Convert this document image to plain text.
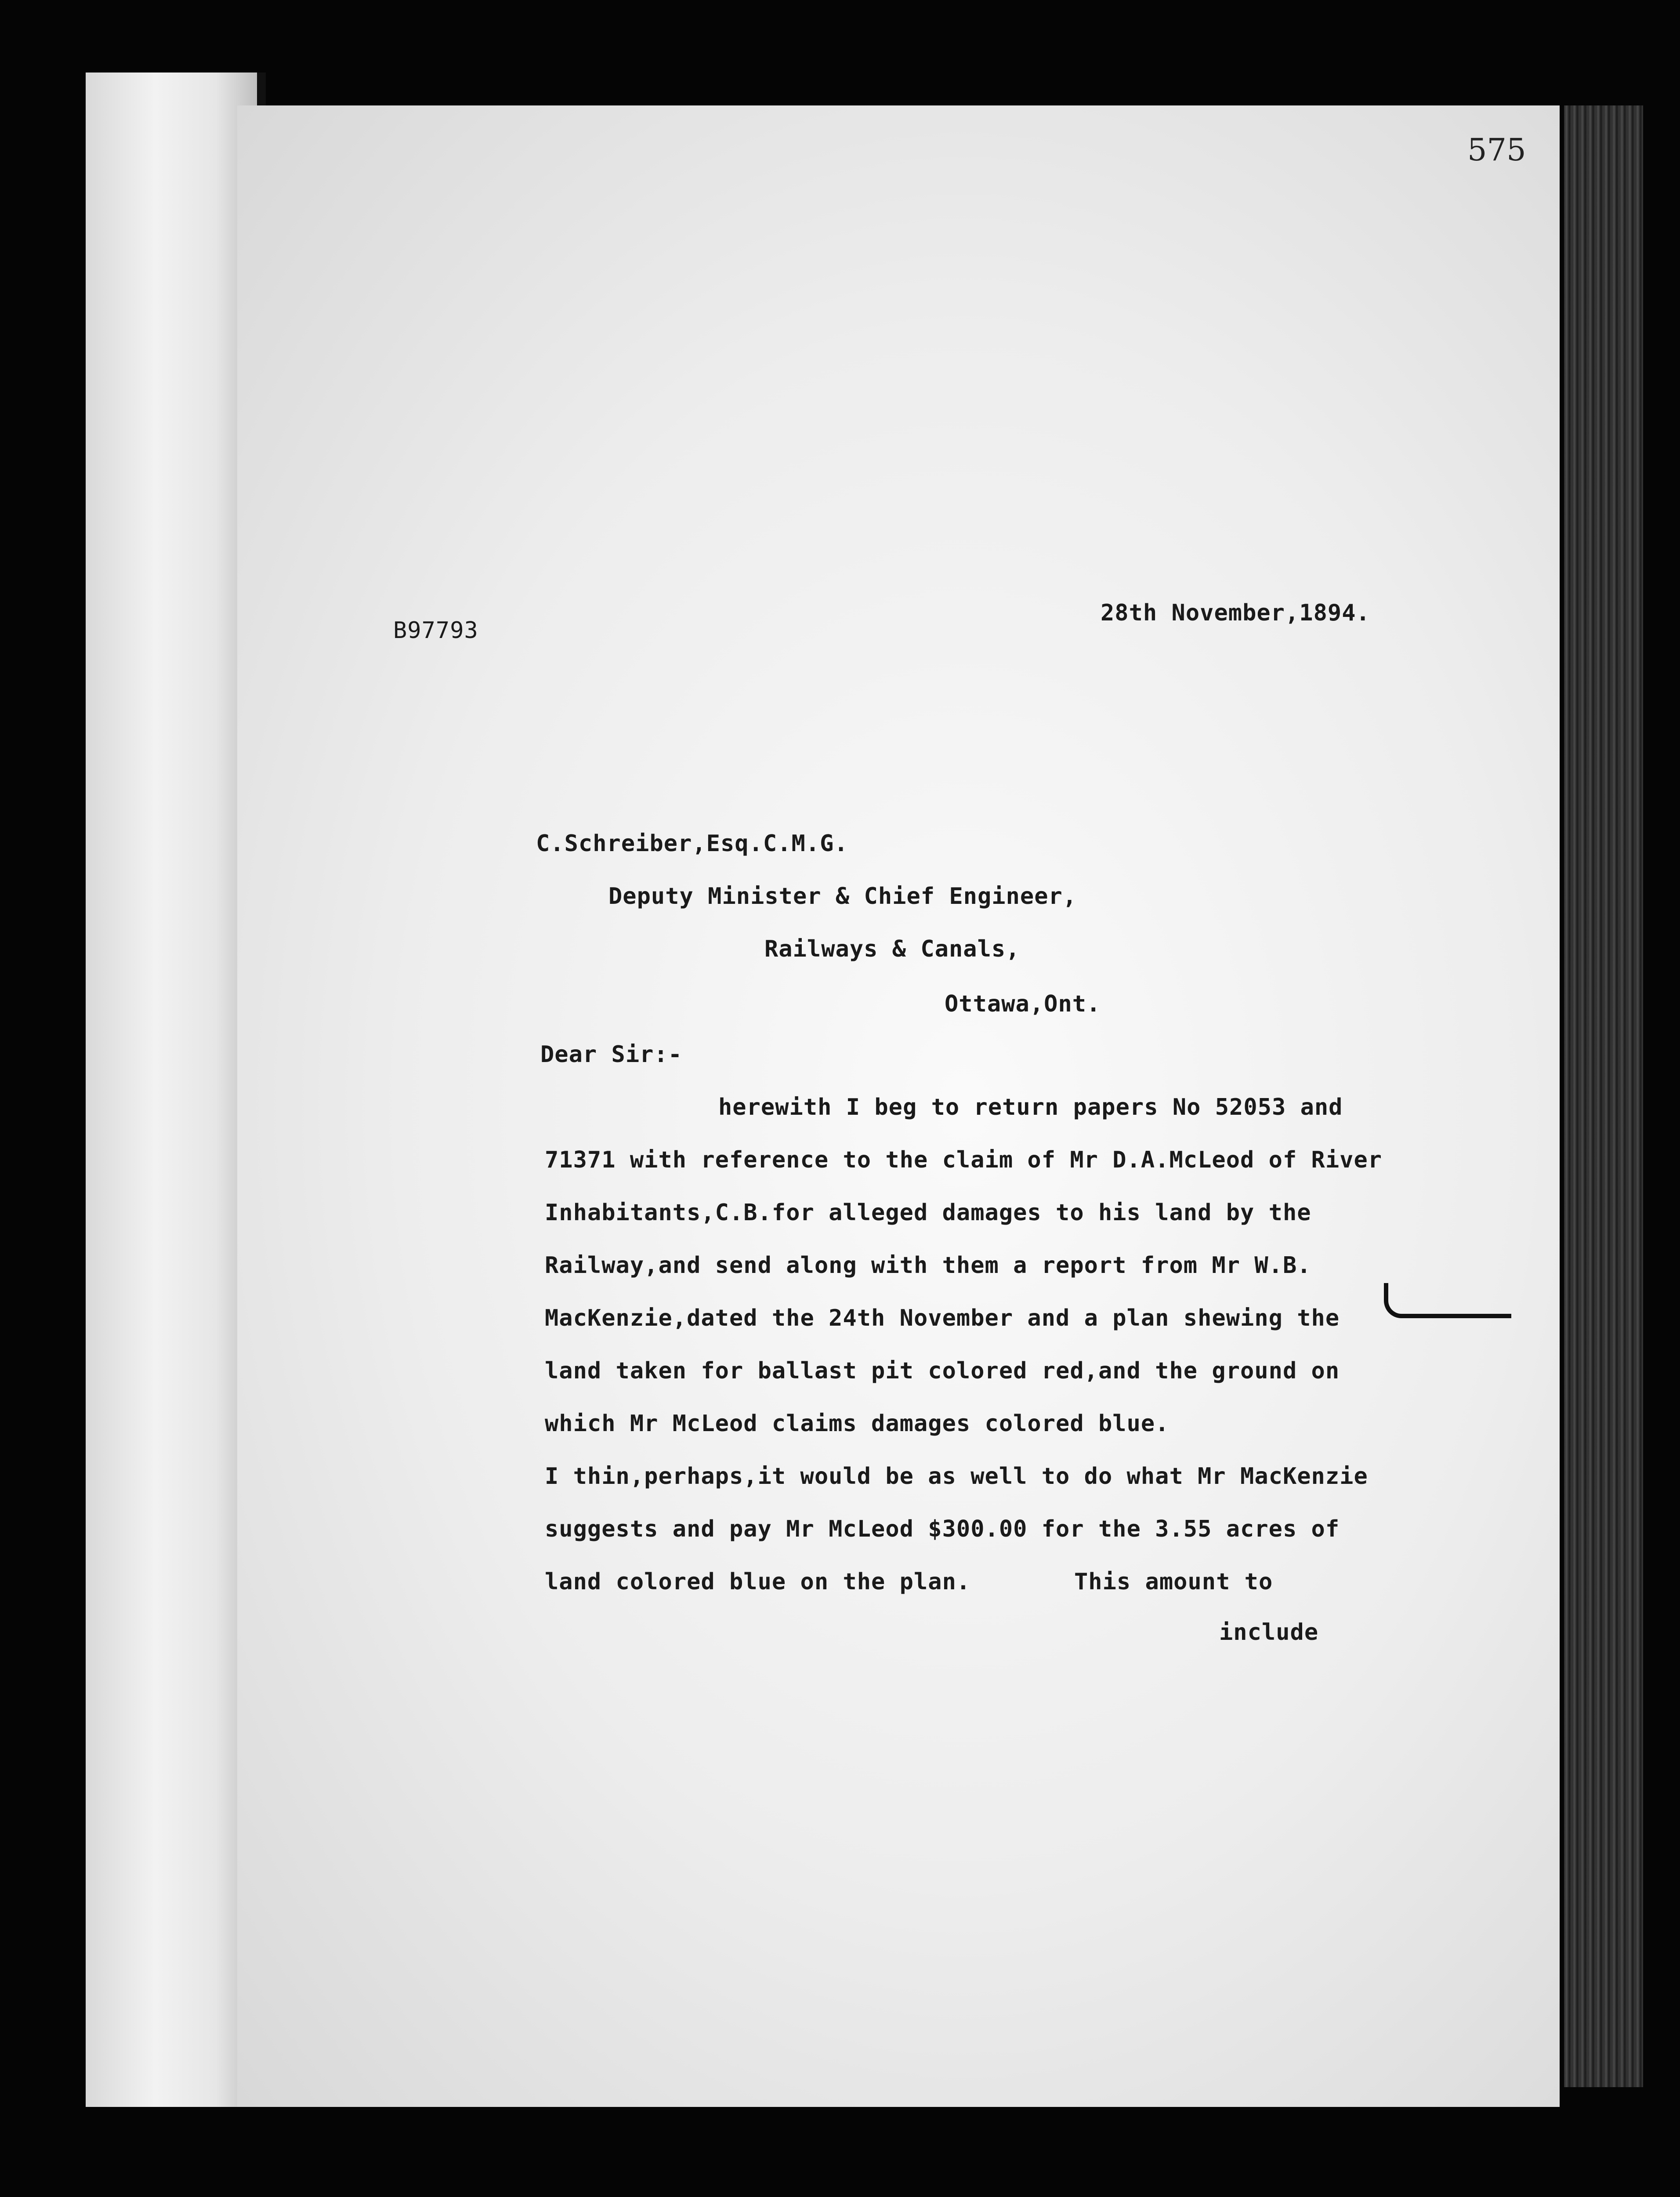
575
B97793
28th November,1894.
C.Schreiber,Esq.C.M.G.
Deputy Minister & Chief Engineer,
Railways & Canals,
Ottawa,Ont.
Dear Sir:-
herewith I beg to return papers No 52053 and
71371 with reference to the claim of Mr D.A.McLeod of River
Inhabitants,C.B.for alleged damages to his land by the
Railway,and send along with them a report from Mr W.B.
MacKenzie,dated the 24th November and a plan shewing the
land taken for ballast pit colored red,and the ground on
which Mr McLeod claims damages colored blue.
I thin,perhaps,it would be as well to do what Mr MacKenzie
suggests and pay Mr McLeod $300.00 for the 3.55 acres of
land colored blue on the plan.	This amount to
include
